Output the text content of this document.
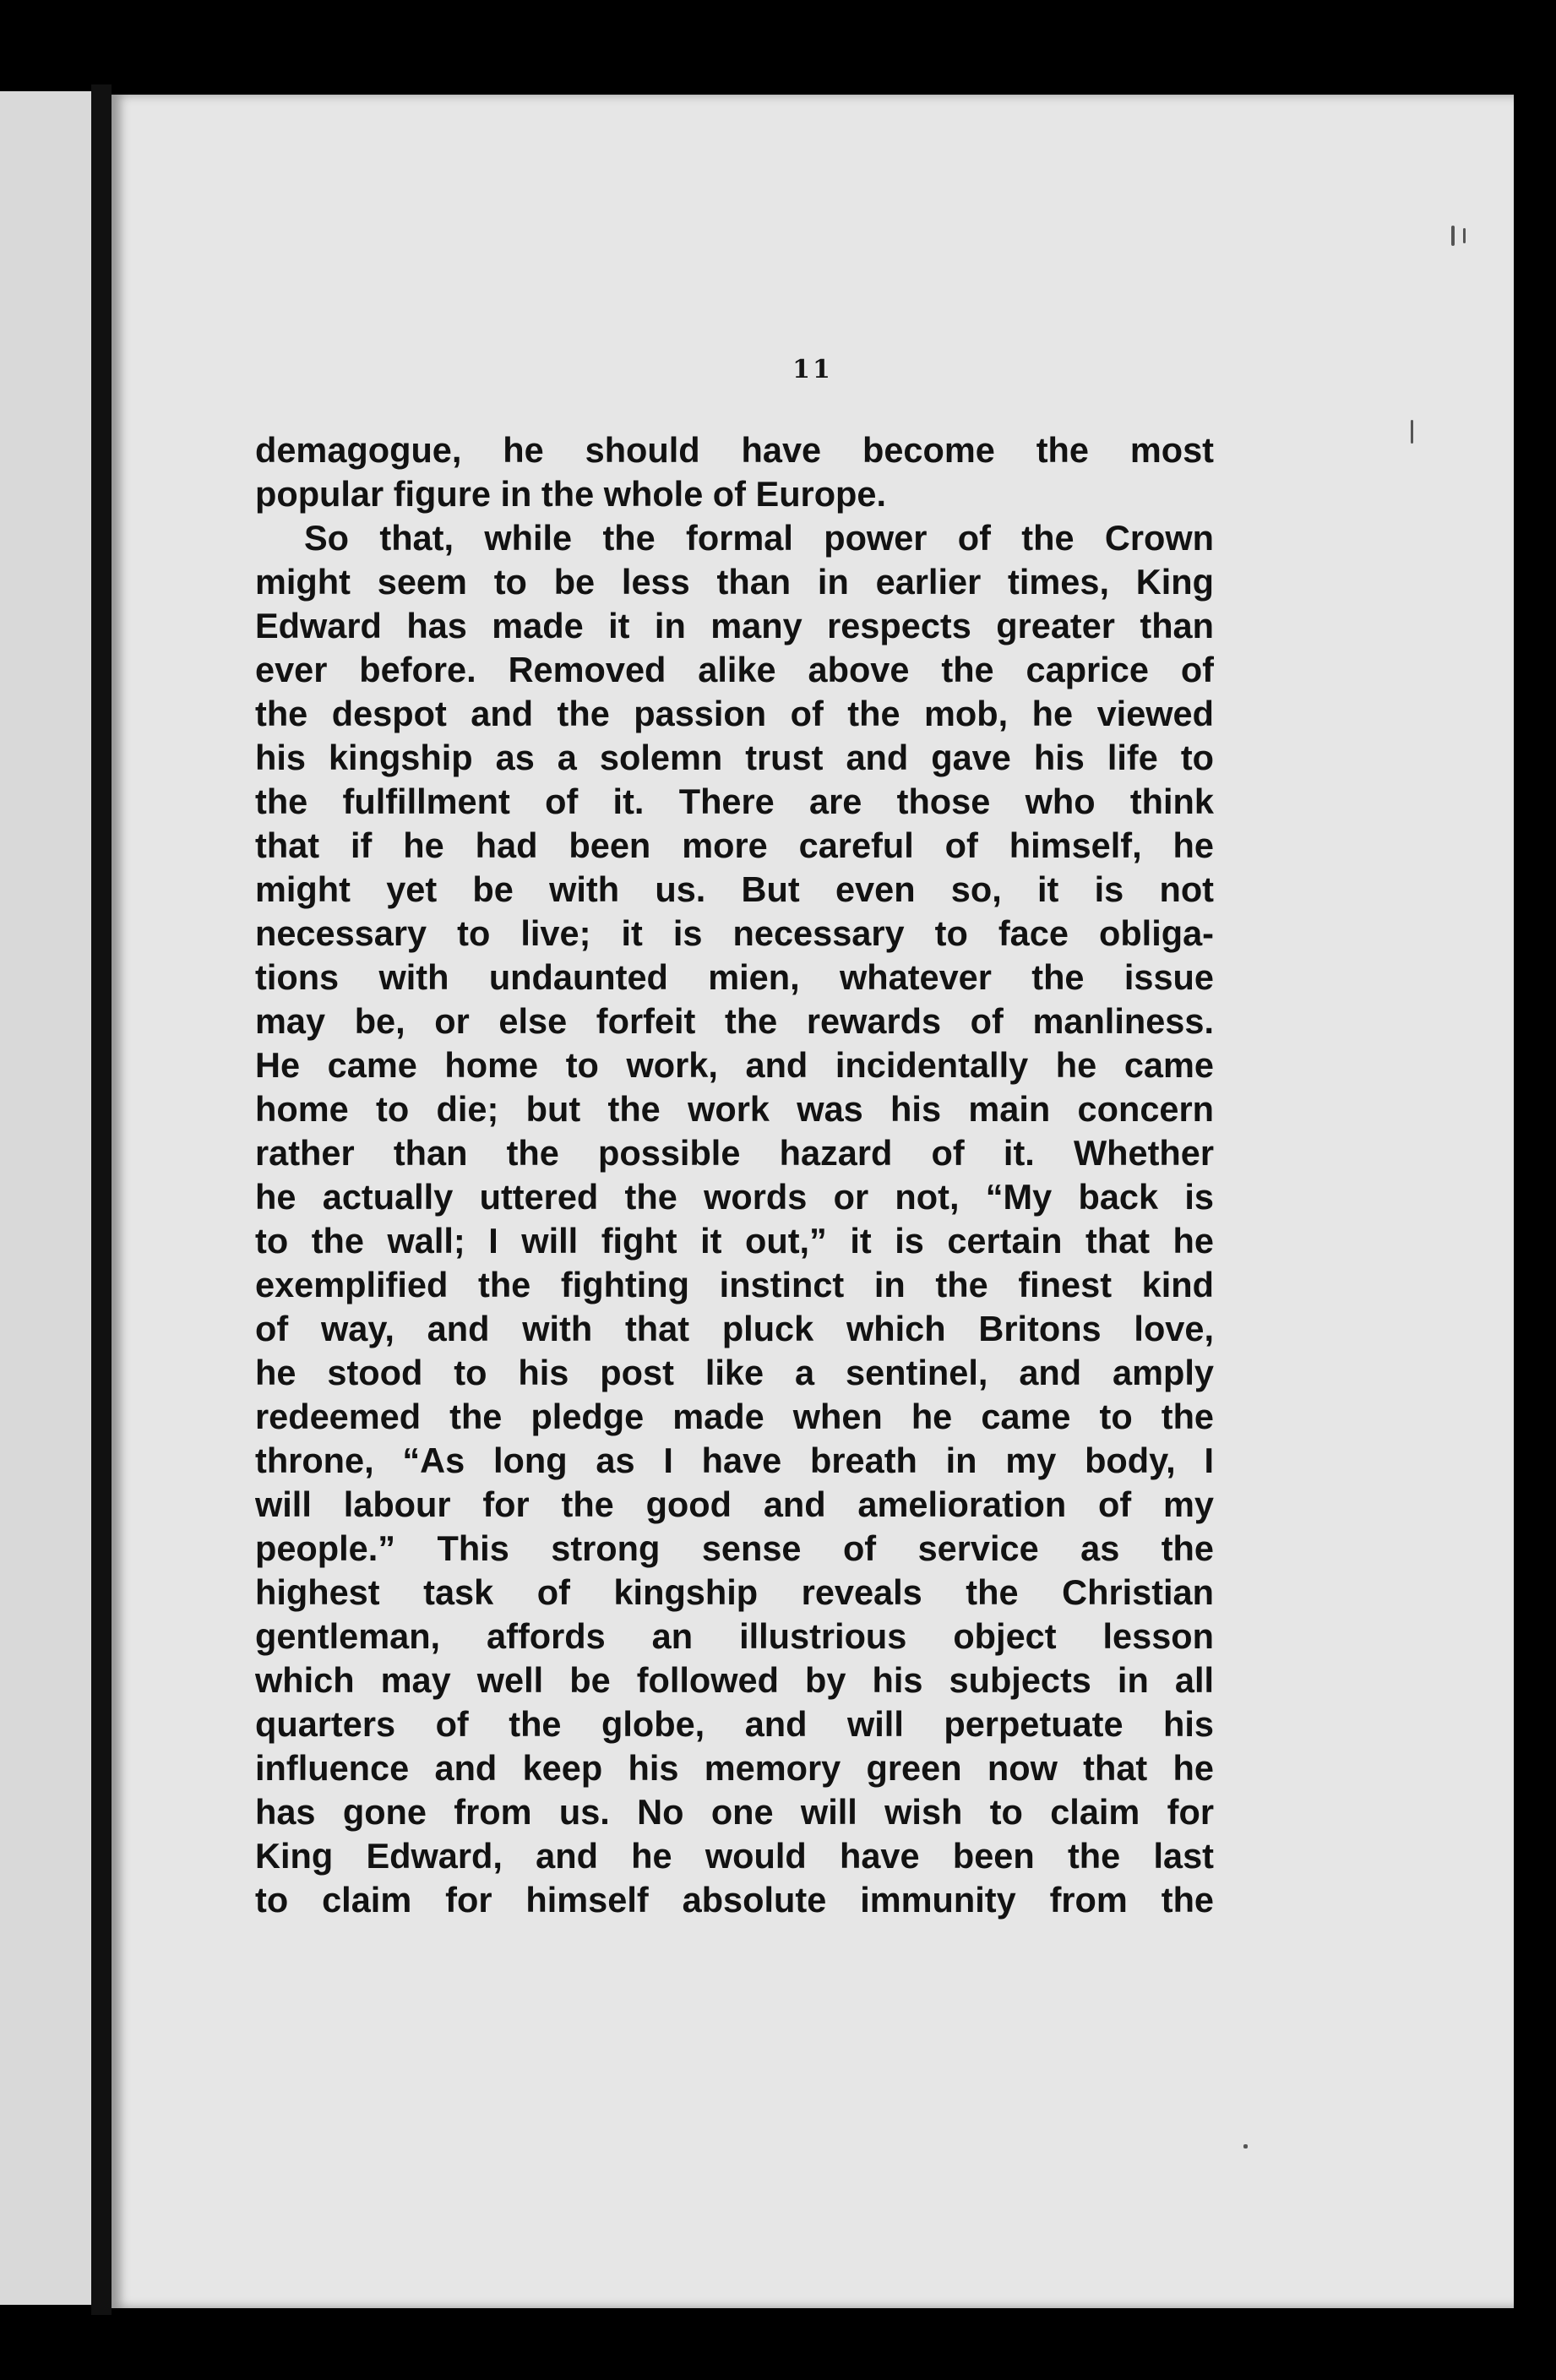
11
demagogue, he should have become the most
popular figure in the whole of Europe.
So that, while the formal power of the Crown
might seem to be less than in earlier times, King
Edward has made it in many respects greater than
ever before. Removed alike above the caprice of
the despot and the passion of the mob, he viewed
his kingship as a solemn trust and gave his life to
the fulfillment of it. There are those who think
that if he had been more careful of himself, he
might yet be with us. But even so, it is not
necessary to live; it is necessary to face obliga-
tions with undaunted mien, whatever the issue
may be, or else forfeit the rewards of manliness.
He came home to work, and incidentally he came
home to die; but the work was his main concern
rather than the possible hazard of it. Whether
he actually uttered the words or not, “My back is
to the wall; I will fight it out,” it is certain that he
exemplified the fighting instinct in the finest kind
of way, and with that pluck which Britons love,
he stood to his post like a sentinel, and amply
redeemed the pledge made when he came to the
throne, “As long as I have breath in my body, I
will labour for the good and amelioration of my
people.” This strong sense of service as the
highest task of kingship reveals the Christian
gentleman, affords an illustrious object lesson
which may well be followed by his subjects in all
quarters of the globe, and will perpetuate his
influence and keep his memory green now that he
has gone from us. No one will wish to claim for
King Edward, and he would have been the last
to claim for himself absolute immunity from the
